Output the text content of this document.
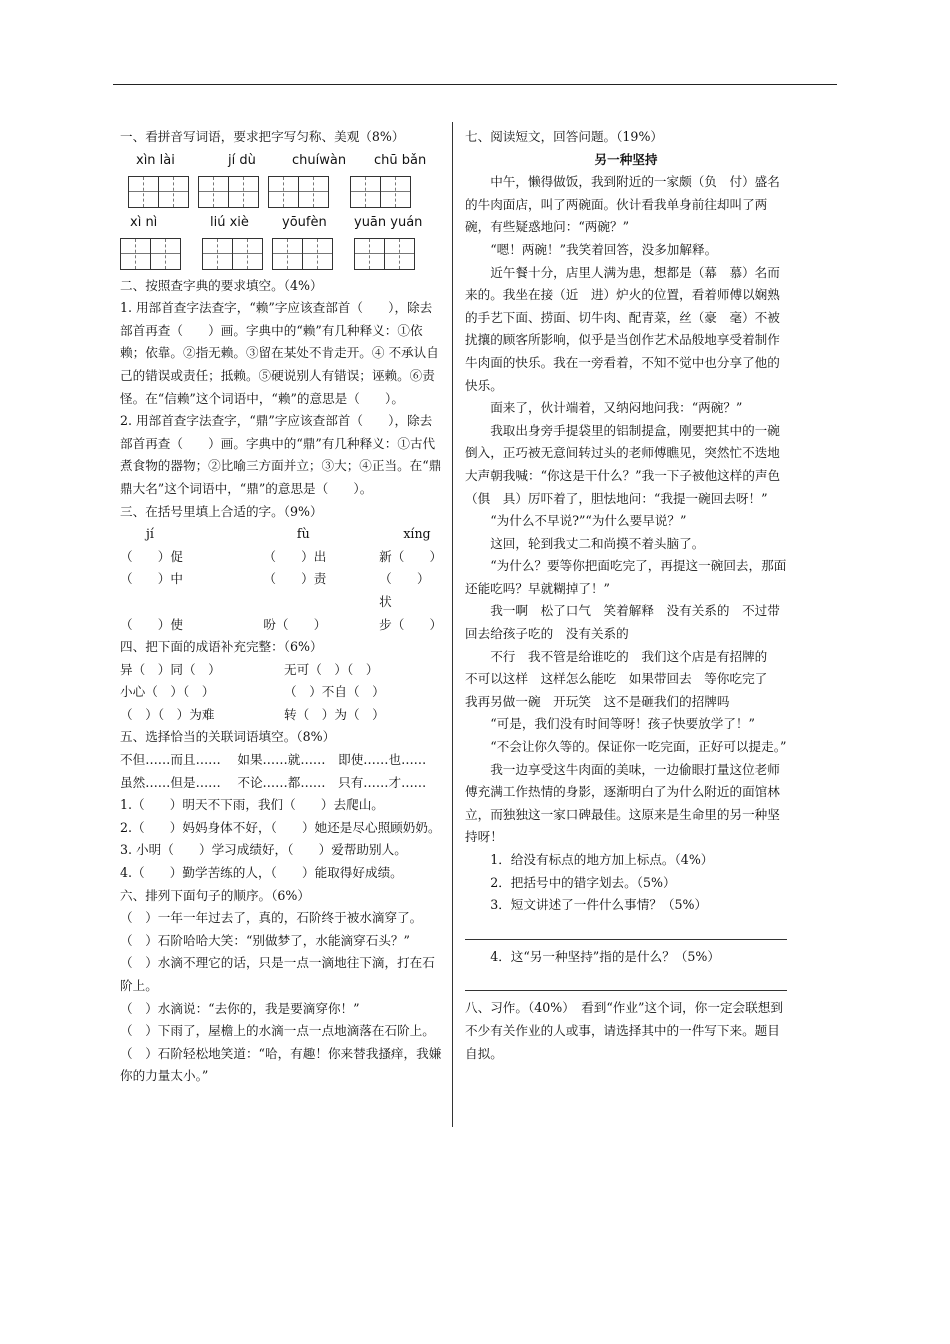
一、看拼音写词语，要求把字写匀称、美观（8%）

xìn lài	jí dù	chuíwàn	chū bǎn
xì nì	liú xiè	yōufèn	yuān yuán

二、按照查字典的要求填空。（4%）

1. 用部首查字法查字，“赖”字应该查部首（　　），除去部首再查（　　）画。字典中的“赖”有几种释义：①依赖；依靠。②指无赖。③留在某处不肯走开。④ 不承认自己的错误或责任；抵赖。⑤硬说别人有错误；诬赖。⑥责怪。在“信赖”这个词语中，“赖”的意思是（　　）。

2. 用部首查字法查字，“鼎”字应该查部首（　　），除去部首再查（　　）画。字典中的“鼎”有几种释义：①古代煮食物的器物；②比喻三方面并立；③大；④正当。在“鼎鼎大名”这个词语中，“鼎”的意思是（　　）。

三、在括号里填上合适的字。（9%）

jí	fù	xíng
（　　）促	（　　）出	新（　　）
（　　）中	（　　）责	（　　）状
（　　）使	吩（　　）	步（　　）

四、把下面的成语补充完整：（6%）

异（　）同（　）	无可（　）（　）
小心（　）（　）	（　）不自（　）
（　）（　）为难	转（　）为（　）

五、选择恰当的关联词语填空。（8%）

不但……而且……　 如果……就……　即使……也……

虽然……但是……　 不论……都……　只有……才……

1.（　　）明天不下雨，我们（　　）去爬山。

2.（　　）妈妈身体不好，（　　）她还是尽心照顾奶奶。

3. 小明（　　）学习成绩好，（　　）爱帮助别人。

4.（　　）勤学苦练的人，（　　）能取得好成绩。

六、排列下面句子的顺序。（6%）

（　）一年一年过去了，真的，石阶终于被水滴穿了。

（　）石阶哈哈大笑：“别做梦了，水能滴穿石头？”

（　）水滴不理它的话，只是一点一滴地往下滴，打在石阶上。

（　）水滴说：“去你的，我是要滴穿你！”

（　）下雨了，屋檐上的水滴一点一点地滴落在石阶上。

（　）石阶轻松地笑道：“哈，有趣！你来替我搔痒，我嫌你的力量太小。”

七、阅读短文，回答问题。（19%）

另一种坚持

中午，懒得做饭，我到附近的一家颇（负　付）盛名的牛肉面店，叫了两碗面。伙计看我单身前往却叫了两碗，有些疑惑地问：“两碗？”

“嗯！两碗！”我笑着回答，没多加解释。

近午餐十分，店里人满为患，想都是（幕　慕）名而来的。我坐在接（近　进）炉火的位置，看着师傅以娴熟的手艺下面、捞面、切牛肉、配青菜，丝（豪　毫）不被扰攘的顾客所影响，似乎是当创作艺术品般地享受着制作牛肉面的快乐。我在一旁看着，不知不觉中也分享了他的快乐。

面来了，伙计端着，又纳闷地问我：“两碗？”

我取出身旁手提袋里的铝制提盒，刚要把其中的一碗倒入，正巧被无意间转过头的老师傅瞧见，突然忙不迭地大声朝我喊：“你这是干什么？”我一下子被他这样的声色（俱　具）厉吓着了，胆怯地问：“我提一碗回去呀！”

“为什么不早说?”“为什么要早说？”

这回，轮到我丈二和尚摸不着头脑了。

“为什么？要等你把面吃完了，再提这一碗回去，那面还能吃吗？早就糊掉了！”

我一啊　松了口气　笑着解释　没有关系的　不过带回去给孩子吃的　没有关系的

不行　我不管是给谁吃的　我们这个店是有招牌的　不可以这样　这样怎么能吃　如果带回去　等你吃完了　我再另做一碗　开玩笑　这不是砸我们的招牌吗

“可是，我们没有时间等呀！孩子快要放学了！”

“不会让你久等的。保证你一吃完面，正好可以提走。”

我一边享受这牛肉面的美味，一边偷眼打量这位老师傅充满工作热情的身影，逐渐明白了为什么附近的面馆林立，而独独这一家口碑最佳。这原来是生命里的另一种坚持呀！

1．给没有标点的地方加上标点。（4%）

2．把括号中的错字划去。（5%）

3．短文讲述了一件什么事情？（5%）

4．这“另一种坚持”指的是什么？（5%）

八、习作。（40%）　看到“作业”这个词，你一定会联想到不少有关作业的人或事，请选择其中的一件写下来。题目自拟。
